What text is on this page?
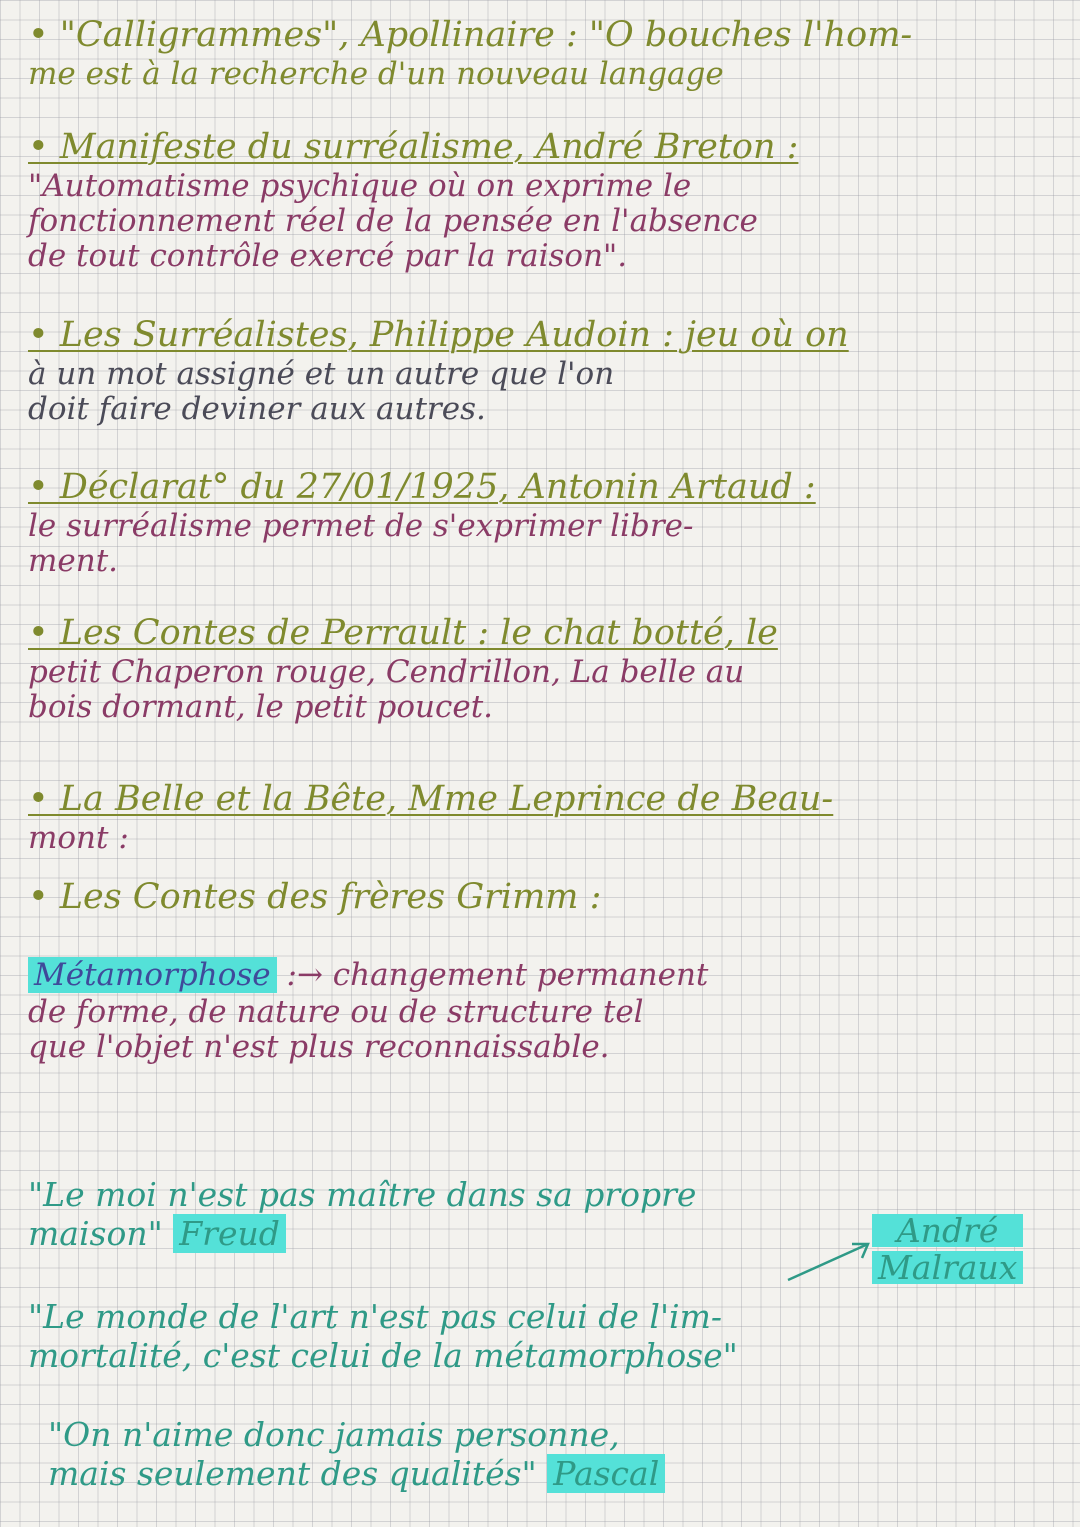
• "Calligrammes", Apollinaire : "O bouches l'hom-
me est à la recherche d'un nouveau langage
• Manifeste du surréalisme, André Breton :
"Automatisme psychique où on exprime le
fonctionnement réel de la pensée en l'absence
de tout contrôle exercé par la raison".
• Les Surréalistes, Philippe Audoin : jeu où on
à un mot assigné et un autre que l'on
doit faire deviner aux autres.
• Déclarat° du 27/01/1925, Antonin Artaud :
le surréalisme permet de s'exprimer libre-
ment.
• Les Contes de Perrault : le chat botté, le
petit Chaperon rouge, Cendrillon, La belle au
bois dormant, le petit poucet.
• La Belle et la Bête, Mme Leprince de Beau-
mont :
• Les Contes des frères Grimm :
Métamorphose :→ changement permanent
de forme, de nature ou de structure tel
que l'objet n'est plus reconnaissable.
"Le moi n'est pas maître dans sa propre
maison" Freud	André
Malraux
"Le monde de l'art n'est pas celui de l'im-
mortalité, c'est celui de la métamorphose"
"On n'aime donc jamais personne,
mais seulement des qualités" Pascal
